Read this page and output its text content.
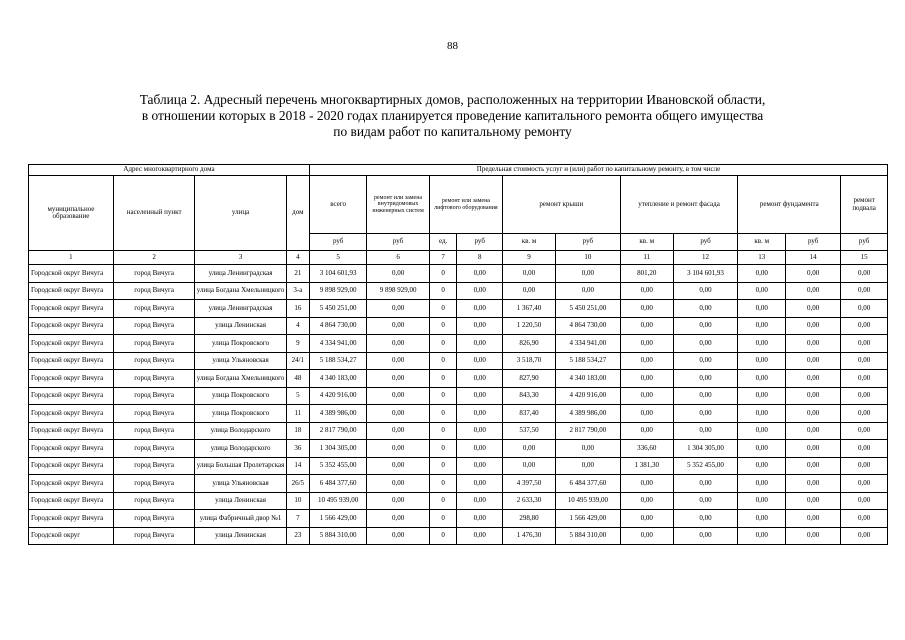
88
Таблица 2. Адресный перечень многоквартирных домов, расположенных на территории Ивановской области,
в отношении которых в 2018 - 2020 годах планируется проведение капитального ремонта общего имущества
по видам работ по капитальному ремонту
Адрес многоквартирного дома				Предельная стоимость услуг и (или) работ по капитальному ремонту, в том числе										
муниципальное образование	населенный пункт	улица	дом	всего	ремонт или замена внутридомовых инженерных систем	ремонт или замена лифтового оборудования		ремонт крыши		утепление и ремонт фасада		ремонт фундамента		ремонт подвала
				руб	руб	ед.	руб	кв. м	руб	кв. м	руб	кв. м	руб	руб
1	2	3	4	5	6	7	8	9	10	11	12	13	14	15
Городской округ Вичуга	город Вичуга	улица Ленинградская	21	3 104 601,93	0,00	0	0,00	0,00	0,00	801,20	3 104 601,93	0,00	0,00	0,00
Городской округ Вичуга	город Вичуга	улица Богдана Хмельницкого	3-а	9 898 929,00	9 898 929,00	0	0,00	0,00	0,00	0,00	0,00	0,00	0,00	0,00
Городской округ Вичуга	город Вичуга	улица Ленинградская	16	5 450 251,00	0,00	0	0,00	1 367,40	5 450 251,00	0,00	0,00	0,00	0,00	0,00
Городской округ Вичуга	город Вичуга	улица Ленинская	4	4 864 730,00	0,00	0	0,00	1 220,50	4 864 730,00	0,00	0,00	0,00	0,00	0,00
Городской округ Вичуга	город Вичуга	улица Покровского	9	4 334 941,00	0,00	0	0,00	826,90	4 334 941,00	0,00	0,00	0,00	0,00	0,00
Городской округ Вичуга	город Вичуга	улица Ульяновская	24/1	5 188 534,27	0,00	0	0,00	3 518,70	5 188 534,27	0,00	0,00	0,00	0,00	0,00
Городской округ Вичуга	город Вичуга	улица Богдана Хмельницкого	48	4 340 183,00	0,00	0	0,00	827,90	4 340 183,00	0,00	0,00	0,00	0,00	0,00
Городской округ Вичуга	город Вичуга	улица Покровского	5	4 420 916,00	0,00	0	0,00	843,30	4 420 916,00	0,00	0,00	0,00	0,00	0,00
Городской округ Вичуга	город Вичуга	улица Покровского	11	4 389 986,00	0,00	0	0,00	837,40	4 389 986,00	0,00	0,00	0,00	0,00	0,00
Городской округ Вичуга	город Вичуга	улица Володарского	18	2 817 790,00	0,00	0	0,00	537,50	2 817 790,00	0,00	0,00	0,00	0,00	0,00
Городской округ Вичуга	город Вичуга	улица Володарского	36	1 304 305,00	0,00	0	0,00	0,00	0,00	336,60	1 304 305,00	0,00	0,00	0,00
Городской округ Вичуга	город Вичуга	улица Большая Пролетарская	14	5 352 455,00	0,00	0	0,00	0,00	0,00	1 381,30	5 352 455,00	0,00	0,00	0,00
Городской округ Вичуга	город Вичуга	улица Ульяновская	26/5	6 484 377,60	0,00	0	0,00	4 397,50	6 484 377,60	0,00	0,00	0,00	0,00	0,00
Городской округ Вичуга	город Вичуга	улица Ленинская	10	10 495 939,00	0,00	0	0,00	2 633,30	10 495 939,00	0,00	0,00	0,00	0,00	0,00
Городской округ Вичуга	город Вичуга	улица Фабричный двор №1	7	1 566 429,00	0,00	0	0,00	298,80	1 566 429,00	0,00	0,00	0,00	0,00	0,00
Городской округ	город Вичуга	улица Ленинская	23	5 884 310,00	0,00	0	0,00	1 476,30	5 884 310,00	0,00	0,00	0,00	0,00	0,00
